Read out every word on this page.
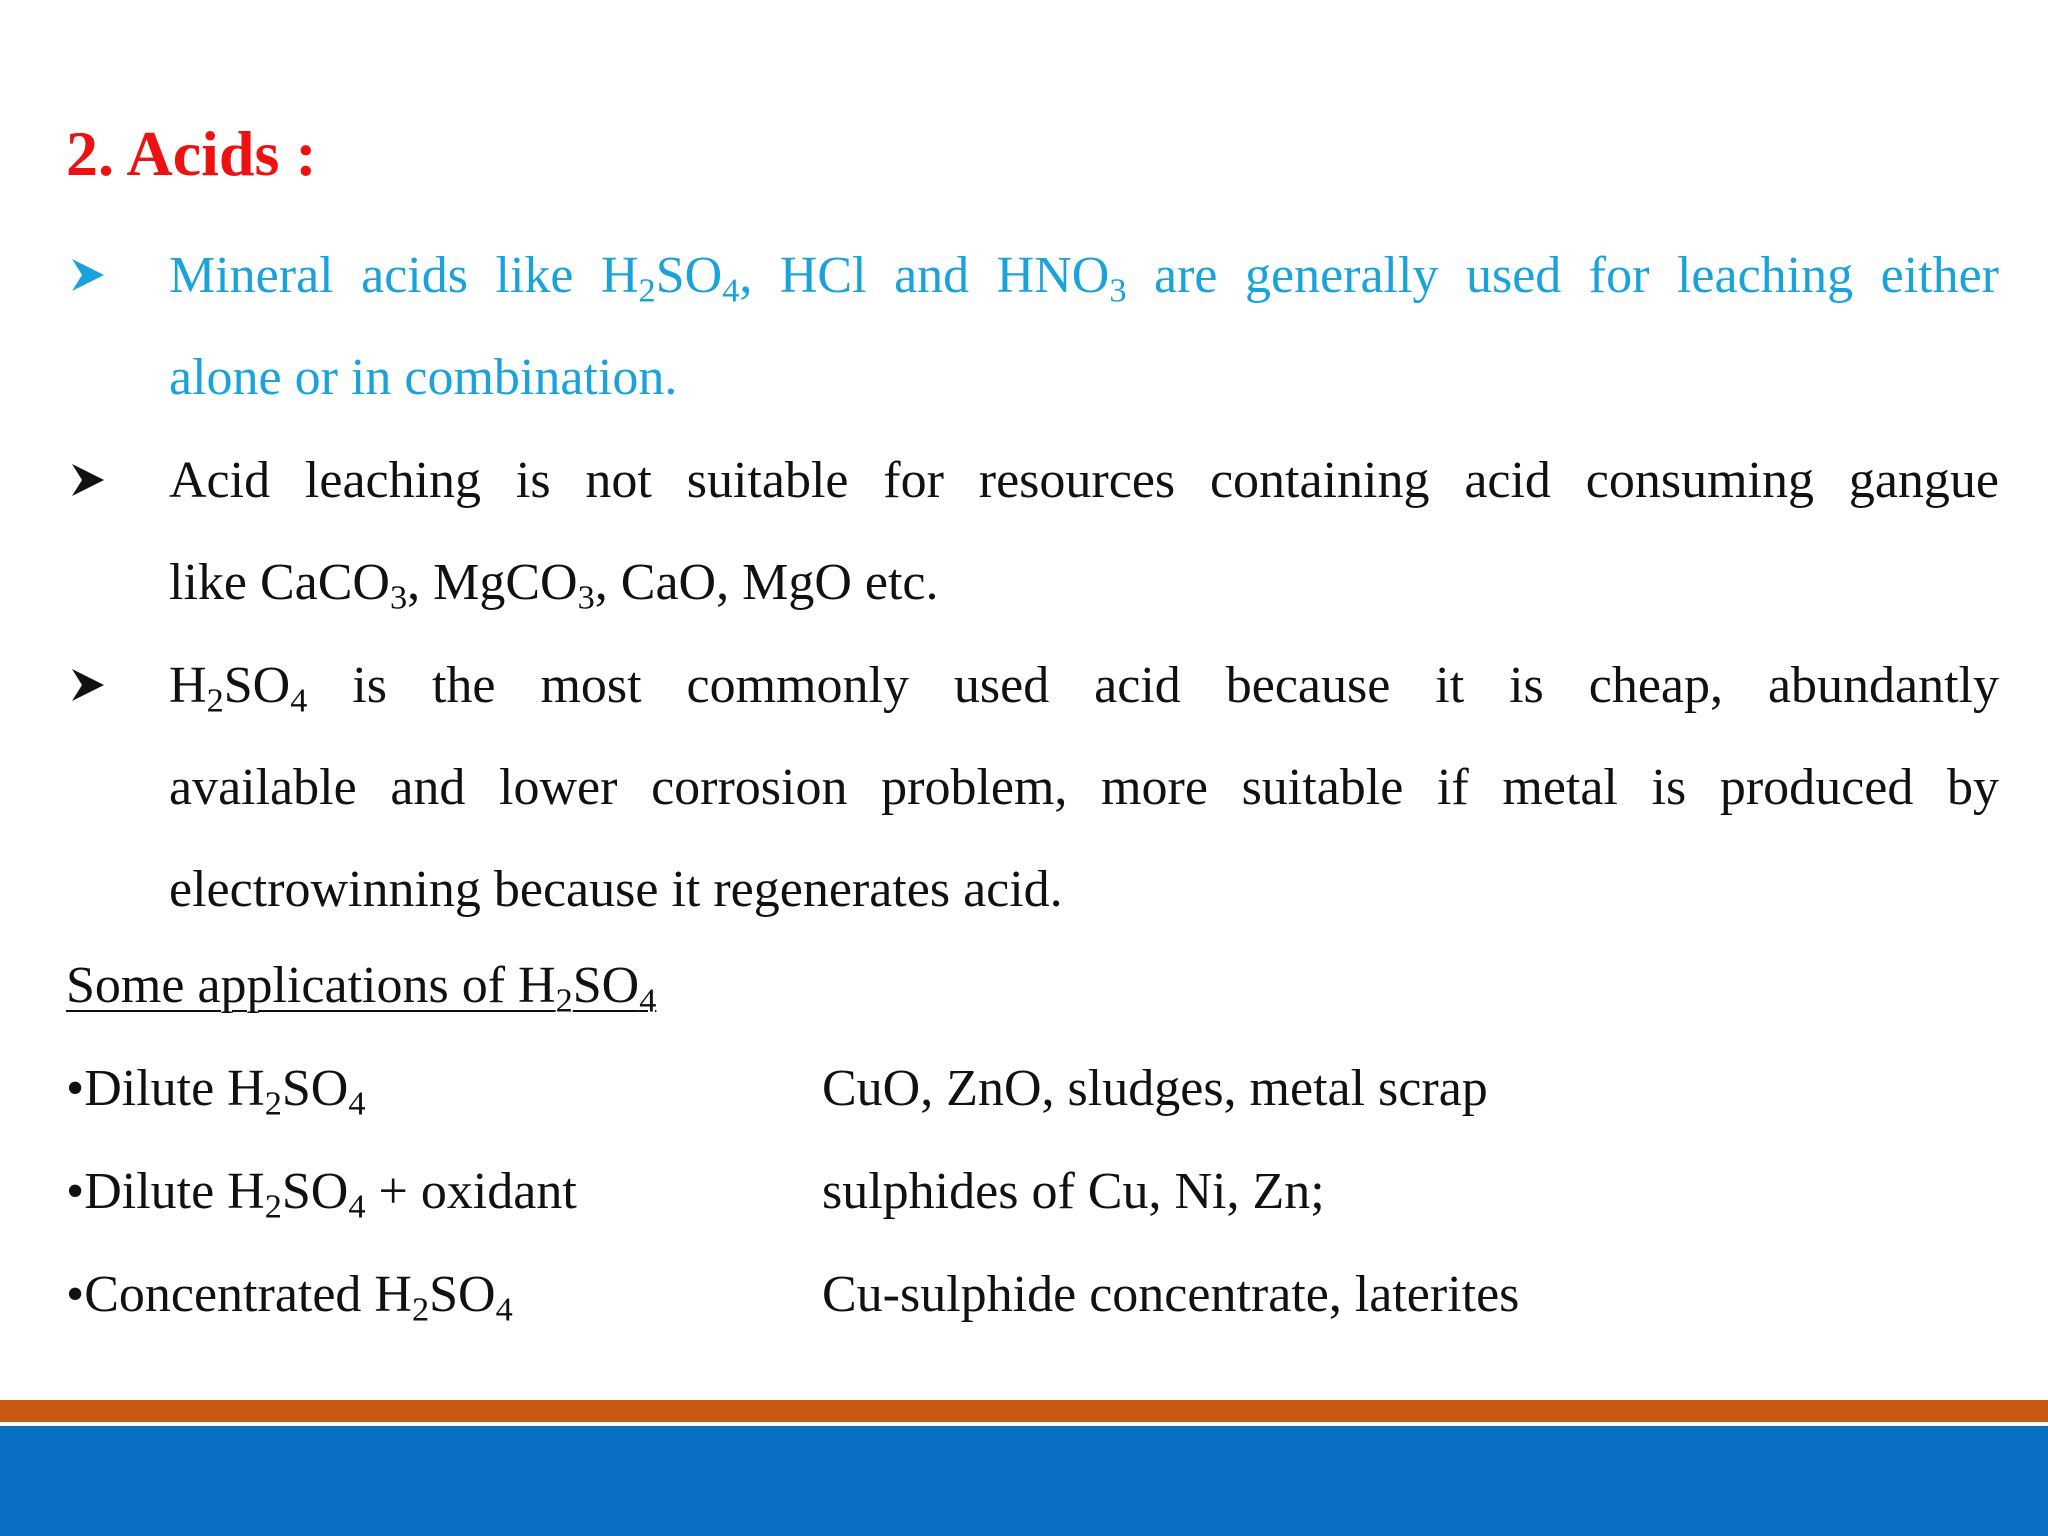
2. Acids :
Mineral acids like $H_2SO_4$, HCl and $HNO_3$ are generally used for leaching either
alone or in combination.
Acid leaching is not suitable for resources containing acid consuming gangue
like CaCO$_3$, MgCO$_3$, CaO, MgO etc.
$H_2SO_4$ is the most commonly used acid because it is cheap, abundantly
available and lower corrosion problem, more suitable if metal is produced by
electrowinning because it regenerates acid.
Some applications of $H_2SO_4$
•Dilute $H_2SO_4$	CuO, ZnO, sludges, metal scrap
•Dilute $H_2SO_4$ + oxidant	sulphides of Cu, Ni, Zn;
•Concentrated $H_2SO_4$	Cu-sulphide concentrate, laterites
